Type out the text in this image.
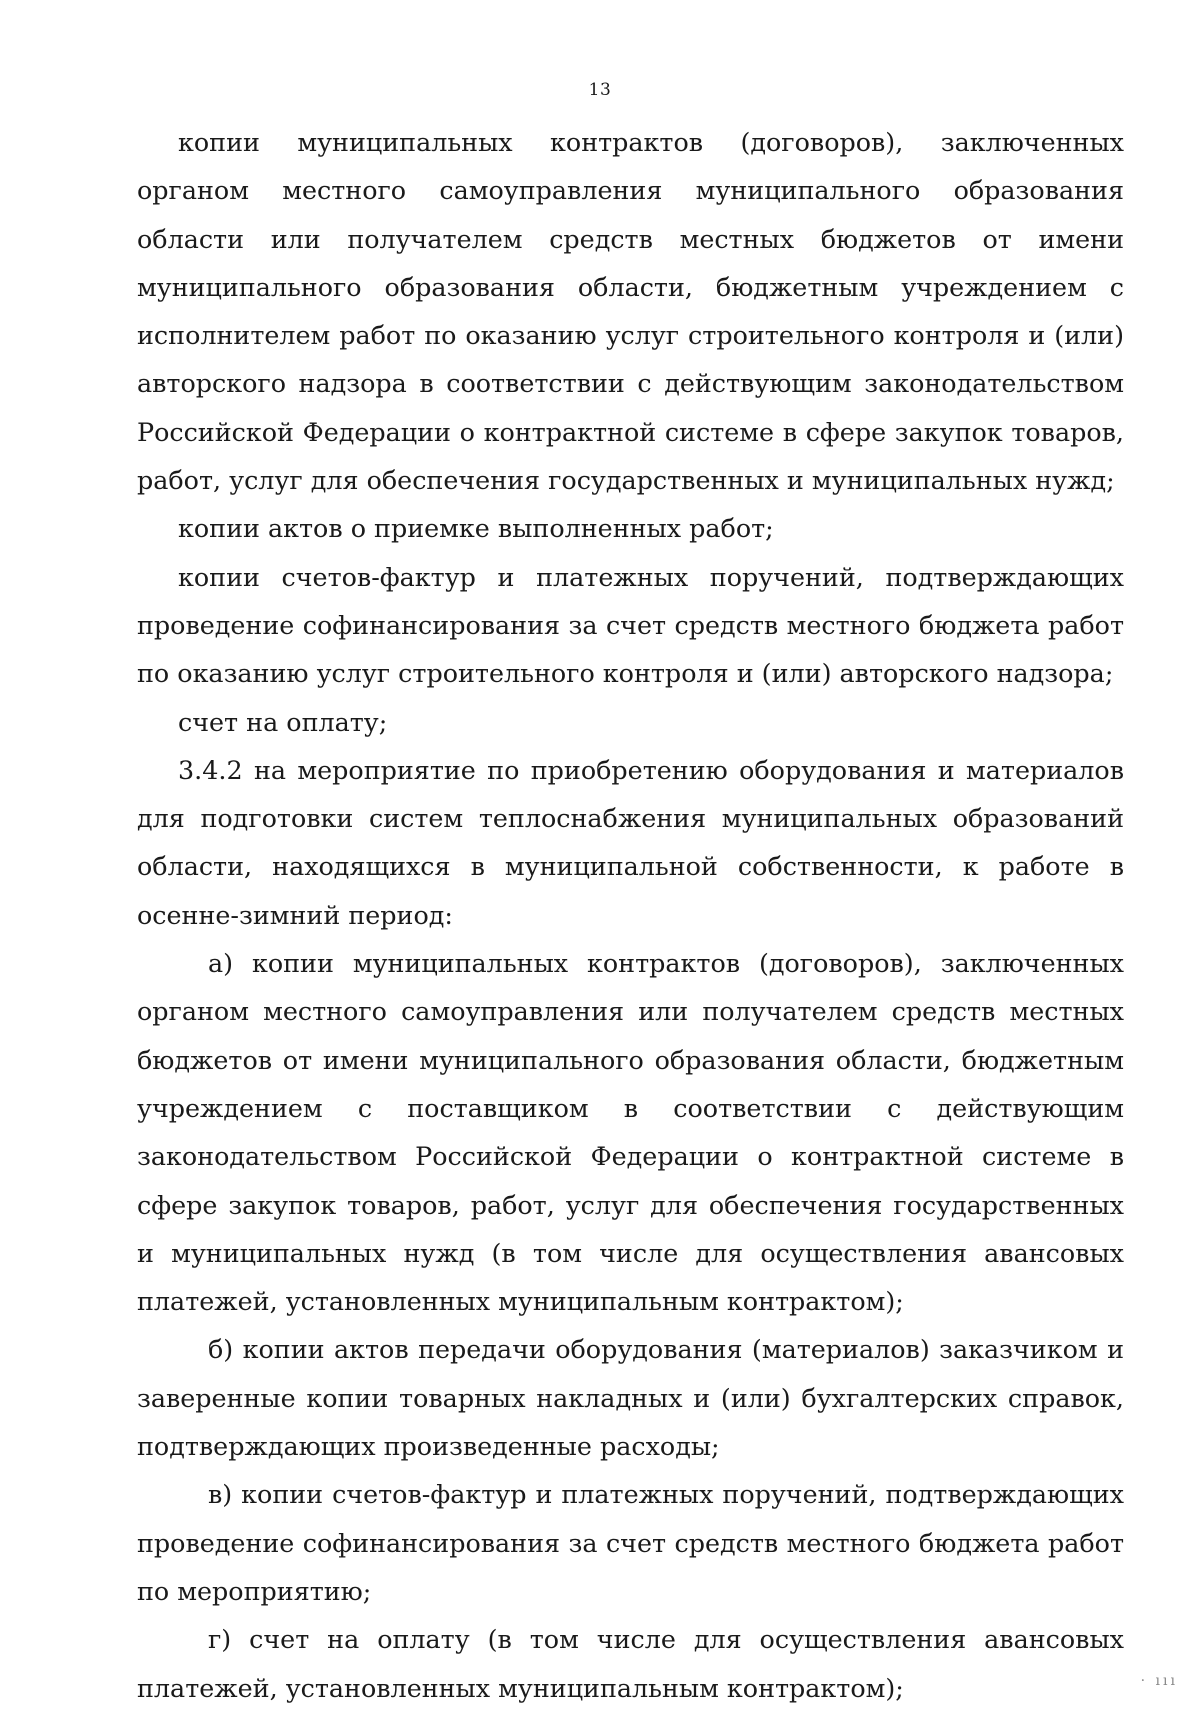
13

копии муниципальных контрактов (договоров), заключенных органом местного самоуправления муниципального образования области или получателем средств местных бюджетов от имени муниципального образования области, бюджетным учреждением с исполнителем работ по оказанию услуг строительного контроля и (или) авторского надзора в соответствии с действующим законодательством Российской Федерации о контрактной системе в сфере закупок товаров, работ, услуг для обеспечения государственных и муниципальных нужд;

копии актов о приемке выполненных работ;

копии счетов-фактур и платежных поручений, подтверждающих проведение софинансирования за счет средств местного бюджета работ по оказанию услуг строительного контроля и (или) авторского надзора;

счет на оплату;

3.4.2 на мероприятие по приобретению оборудования и материалов для подготовки систем теплоснабжения муниципальных образований области, находящихся в муниципальной собственности, к работе в осенне-зимний период:

а) копии муниципальных контрактов (договоров), заключенных органом местного самоуправления или получателем средств местных бюджетов от имени муниципального образования области, бюджетным учреждением с поставщиком в соответствии с действующим законодательством Российской Федерации о контрактной системе в сфере закупок товаров, работ, услуг для обеспечения государственных и муниципальных нужд (в том числе для осуществления авансовых платежей, установленных муниципальным контрактом);

б) копии актов передачи оборудования (материалов) заказчиком и заверенные копии товарных накладных и (или) бухгалтерских справок, подтверждающих произведенные расходы;

в) копии счетов-фактур и платежных поручений, подтверждающих проведение софинансирования за счет средств местного бюджета работ по мероприятию;

г) счет на оплату (в том числе для осуществления авансовых платежей, установленных муниципальным контрактом);	· ııı
